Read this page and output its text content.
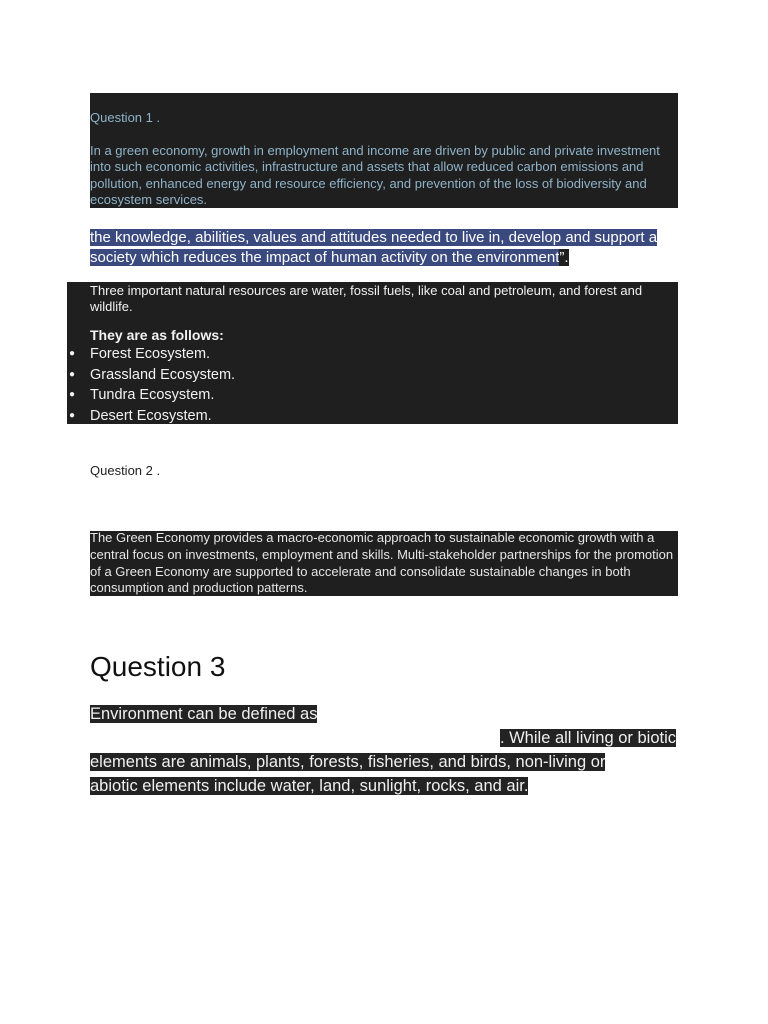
Question 1 .
In a green economy, growth in employment and income are driven by public and private investment into such economic activities, infrastructure and assets that allow reduced carbon emissions and pollution, enhanced energy and resource efficiency, and prevention of the loss of biodiversity and ecosystem services.
the knowledge, abilities, values and attitudes needed to live in, develop and support a society which reduces the impact of human activity on the environment”.
Three important natural resources are water, fossil fuels, like coal and petroleum, and forest and wildlife.
They are as follows:
● Forest Ecosystem.
● Grassland Ecosystem.
● Tundra Ecosystem.
● Desert Ecosystem.
Question 2 .
The Green Economy provides a macro-economic approach to sustainable economic growth with a central focus on investments, employment and skills. Multi-stakeholder partnerships for the promotion of a Green Economy are supported to accelerate and consolidate sustainable changes in both consumption and production patterns.
Question 3
Environment can be defined as
. While all living or biotic
elements are animals, plants, forests, fisheries, and birds, non-living or
abiotic elements include water, land, sunlight, rocks, and air.
